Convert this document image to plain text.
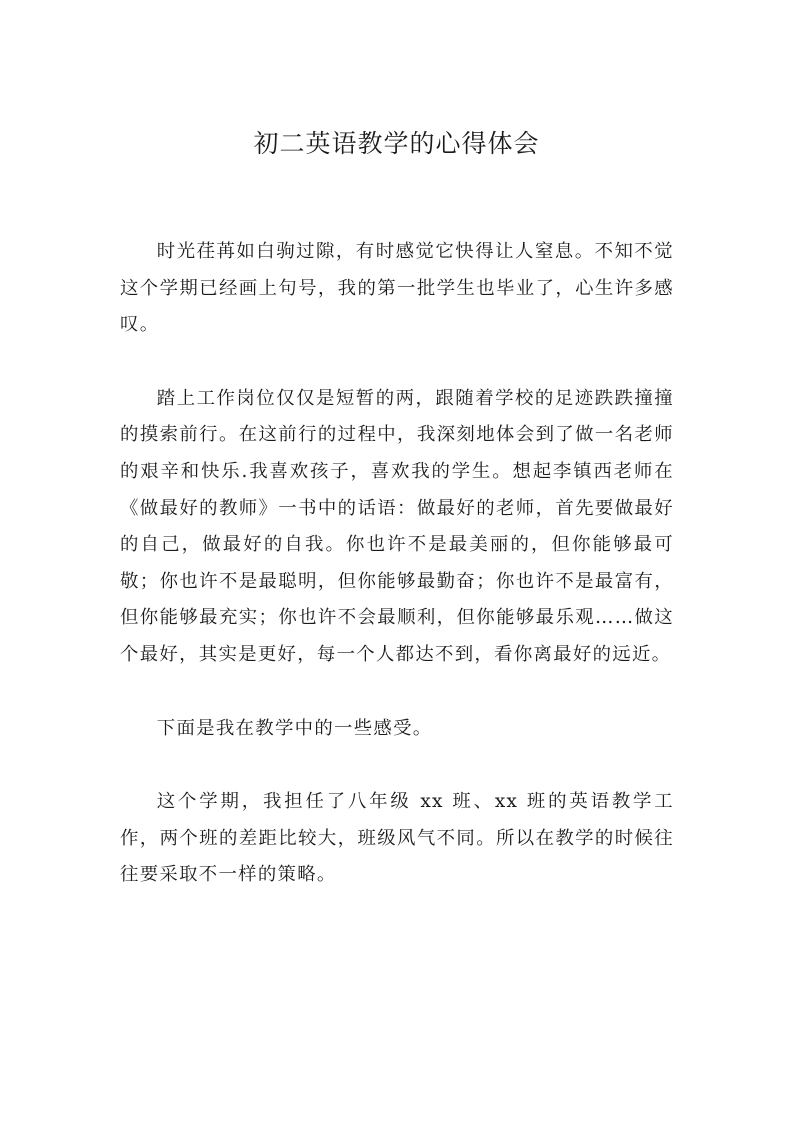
初二英语教学的心得体会

时光荏苒如白驹过隙，有时感觉它快得让人窒息。不知不觉这个学期已经画上句号，我的第一批学生也毕业了，心生许多感叹。

踏上工作岗位仅仅是短暂的两，跟随着学校的足迹跌跌撞撞的摸索前行。在这前行的过程中，我深刻地体会到了做一名老师的艰辛和快乐.我喜欢孩子，喜欢我的学生。想起李镇西老师在《做最好的教师》一书中的话语：做最好的老师，首先要做最好的自己，做最好的自我。你也许不是最美丽的，但你能够最可敬；你也许不是最聪明，但你能够最勤奋；你也许不是最富有，但你能够最充实；你也许不会最顺利，但你能够最乐观……做这个最好，其实是更好，每一个人都达不到，看你离最好的远近。

下面是我在教学中的一些感受。

这个学期，我担任了八年级 xx 班、xx 班的英语教学工作，两个班的差距比较大，班级风气不同。所以在教学的时候往往要采取不一样的策略。
